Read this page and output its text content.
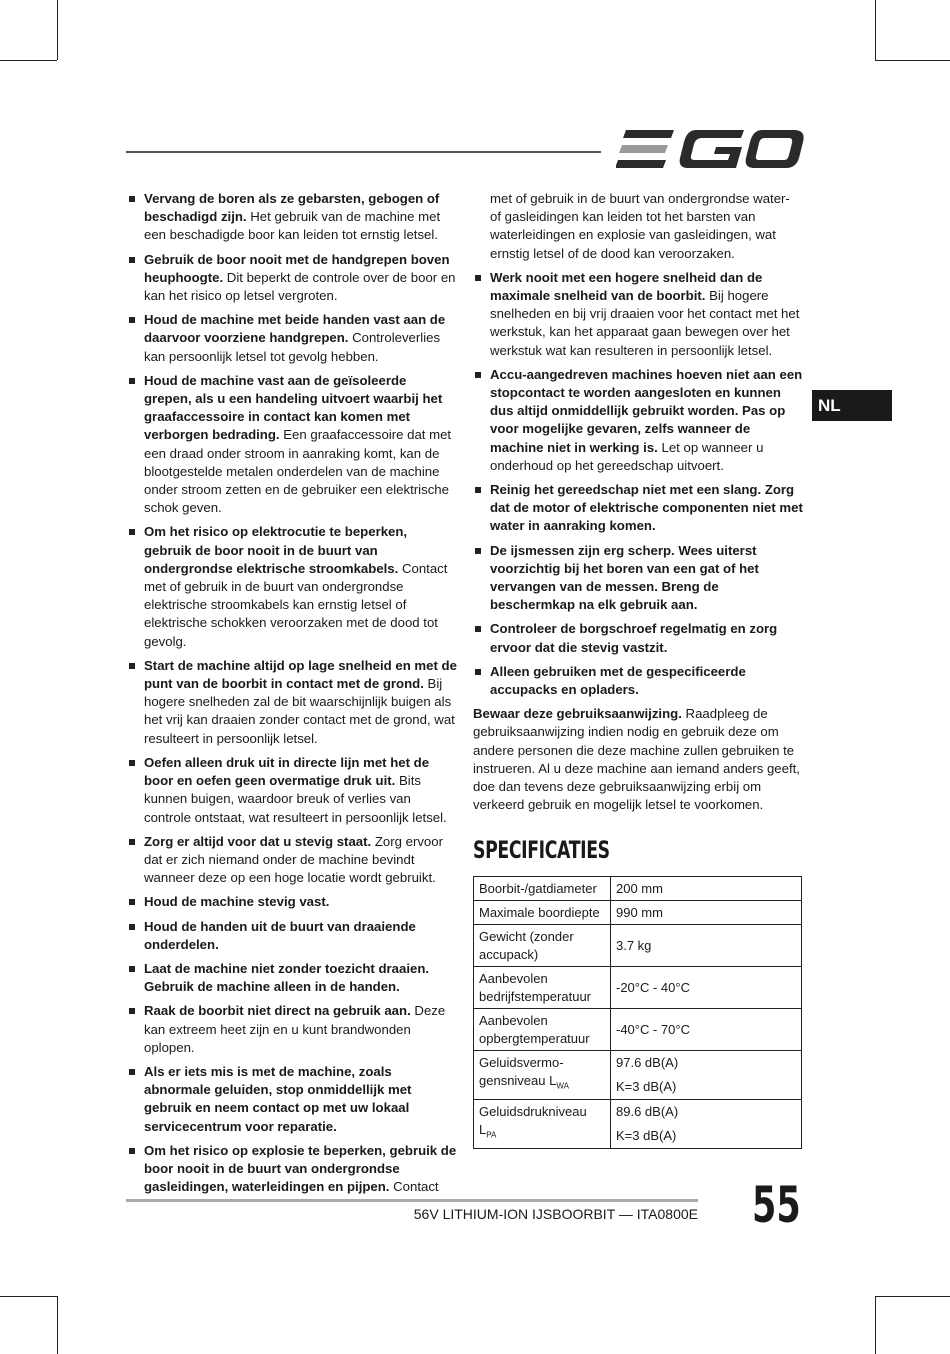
NL
Vervang de boren als ze gebarsten, gebogen of beschadigd zijn. Het gebruik van de machine met een beschadigde boor kan leiden tot ernstig letsel.
Gebruik de boor nooit met de handgrepen boven heuphoogte. Dit beperkt de controle over de boor en kan het risico op letsel vergroten.
Houd de machine met beide handen vast aan de daarvoor voorziene handgrepen. Controleverlies kan persoonlijk letsel tot gevolg hebben.
Houd de machine vast aan de geïsoleerde grepen, als u een handeling uitvoert waarbij het graafaccessoire in contact kan komen met verborgen bedrading. Een graafaccessoire dat met een draad onder stroom in aanraking komt, kan de blootgestelde metalen onderdelen van de machine onder stroom zetten en de gebruiker een elektrische schok geven.
Om het risico op elektrocutie te beperken, gebruik de boor nooit in de buurt van ondergrondse elektrische stroomkabels. Contact met of gebruik in de buurt van ondergrondse elektrische stroomkabels kan ernstig letsel of elektrische schokken veroorzaken met de dood tot gevolg.
Start de machine altijd op lage snelheid en met de punt van de boorbit in contact met de grond. Bij hogere snelheden zal de bit waarschijnlijk buigen als het vrij kan draaien zonder contact met de grond, wat resulteert in persoonlijk letsel.
Oefen alleen druk uit in directe lijn met het de boor en oefen geen overmatige druk uit. Bits kunnen buigen, waardoor breuk of verlies van controle ontstaat, wat resulteert in persoonlijk letsel.
Zorg er altijd voor dat u stevig staat. Zorg ervoor dat er zich niemand onder de machine bevindt wanneer deze op een hoge locatie wordt gebruikt.
Houd de machine stevig vast.
Houd de handen uit de buurt van draaiende onderdelen.
Laat de machine niet zonder toezicht draaien. Gebruik de machine alleen in de handen.
Raak de boorbit niet direct na gebruik aan. Deze kan extreem heet zijn en u kunt brandwonden oplopen.
Als er iets mis is met de machine, zoals abnormale geluiden, stop onmiddellijk met gebruik en neem contact op met uw lokaal servicecentrum voor reparatie.
Om het risico op explosie te beperken, gebruik de boor nooit in de buurt van ondergrondse gasleidingen, waterleidingen en pijpen. Contact
met of gebruik in de buurt van ondergrondse water- of gasleidingen kan leiden tot het barsten van waterleidingen en explosie van gasleidingen, wat ernstig letsel of de dood kan veroorzaken.
Werk nooit met een hogere snelheid dan de maximale snelheid van de boorbit. Bij hogere snelheden en bij vrij draaien voor het contact met het werkstuk, kan het apparaat gaan bewegen over het werkstuk wat kan resulteren in persoonlijk letsel.
Accu-aangedreven machines hoeven niet aan een stopcontact te worden aangesloten en kunnen dus altijd onmiddellijk gebruikt worden. Pas op voor mogelijke gevaren, zelfs wanneer de machine niet in werking is. Let op wanneer u onderhoud op het gereedschap uitvoert.
Reinig het gereedschap niet met een slang. Zorg dat de motor of elektrische componenten niet met water in aanraking komen.
De ijsmessen zijn erg scherp. Wees uiterst voorzichtig bij het boren van een gat of het vervangen van de messen. Breng de beschermkap na elk gebruik aan.
Controleer de borgschroef regelmatig en zorg ervoor dat die stevig vastzit.
Alleen gebruiken met de gespecificeerde accupacks en opladers.
Bewaar deze gebruiksaanwijzing. Raadpleeg de gebruiksaanwijzing indien nodig en gebruik deze om andere personen die deze machine zullen gebruiken te instrueren. Al u deze machine aan iemand anders geeft, doe dan tevens deze gebruiksaanwijzing erbij om verkeerd gebruik en mogelijk letsel te voorkomen.
SPECIFICATIES
Boorbit-/gatdiameter	200 mm
Maximale boordiepte	990 mm
Gewicht (zonder accupack)	3.7 kg
Aanbevolen bedrijfstemperatuur	-20°C - 40°C
Aanbevolen opbergtemperatuur	-40°C - 70°C
Geluidsvermo-gensniveau $L_{WA}$	97.6 dB(A)
K=3 dB(A)

Geluidsdrukniveau $L_{PA}$	89.6 dB(A)
K=3 dB(A)
56V LITHIUM-ION IJSBOORBIT — ITA0800E 55
